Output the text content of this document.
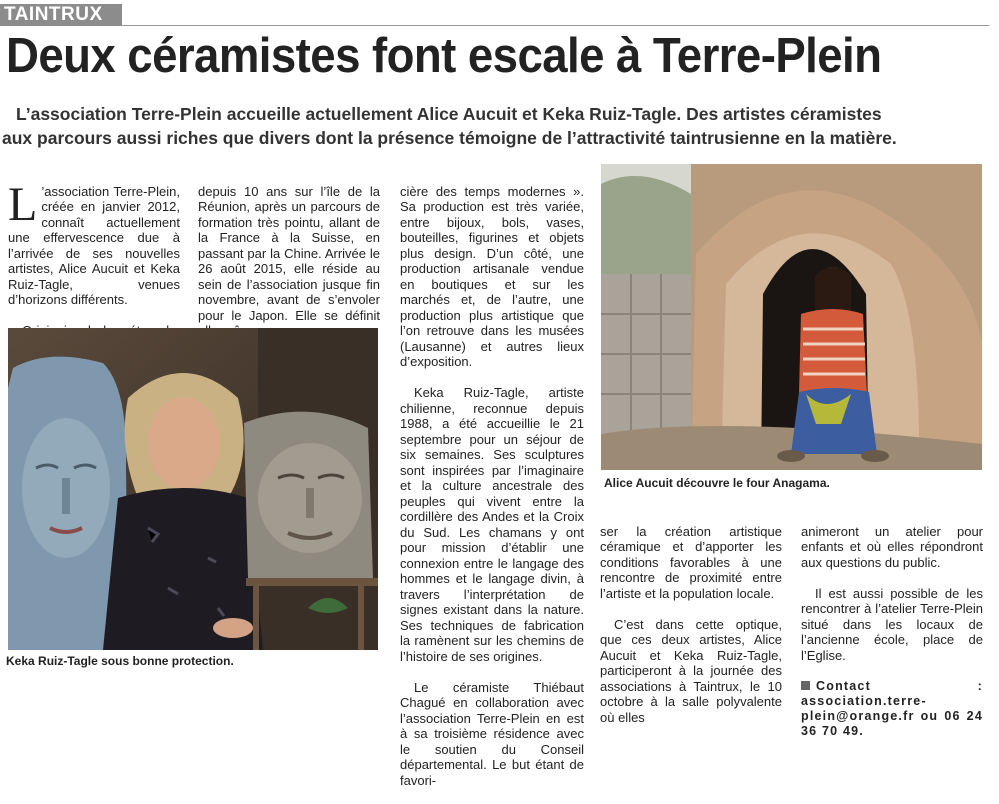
TAINTRUX
Deux céramistes font escale à Terre-Plein
L’association Terre-Plein accueille actuellement Alice Aucuit et Keka Ruiz-Tagle. Des artistes céramistes
aux parcours aussi riches que divers dont la présence témoigne de l’attractivité taintrusienne en la matière.

L ’association Terre-Plein, créée en janvier 2012, connaît actuellement une effervescence due à l’arrivée de ses nouvelles artistes, Alice Aucuit et Keka Ruiz-Tagle, venues d’horizons différents.

depuis 10 ans sur l’île de la Réunion, après un parcours de formation très pointu, allant de la France à la Suisse, en passant par la Chine. Arrivée le 26 août 2015, elle réside au sein de l’association jusque fin novembre, avant de s’envoler pour le Japon. Elle se définit

cière des temps modernes ». Sa production est très variée, entre bijoux, bols, vases, bouteilles, figurines et objets plus design. D’un côté, une production artisanale vendue en boutiques et sur les marchés et, de l’autre, une production plus artistique que l’on retrouve dans les musées (Lausanne) et autres lieux d’exposition.

Keka Ruiz-Tagle, artiste chilienne, reconnue depuis 1988, a été accueillie le 21 septembre pour un séjour de six semaines. Ses sculptures sont inspirées par l’imaginaire et la culture ancestrale des peuples qui vivent entre la cordillère des Andes et la Croix du Sud. Les chamans y ont pour mission d’établir une connexion entre le langage des hommes et le langage divin, à travers l’interprétation de signes existant dans la nature. Ses techniques de fabrication la ramènent sur les chemins de l’histoire de ses origines.

Le céramiste Thiébaut Chagué en collaboration avec l’association Terre-Plein en est à sa troisième résidence avec le soutien du Conseil départemental. Le but étant de favori-

ser la création artistique céramique et d’apporter les conditions favorables à une rencontre de proximité entre l’artiste et la population locale.

C’est dans cette optique, que ces deux artistes, Alice Aucuit et Keka Ruiz-Tagle, participeront à la journée des associations à Taintrux, le 10 octobre à la salle polyvalente où elles

animeront un atelier pour enfants et où elles répondront aux questions du public.

Il est aussi possible de les rencontrer à l’atelier Terre-Plein situé dans les locaux de l’ancienne école, place de l’Eglise.

Contact : association.terre-plein@orange.fr ou 06 24 36 70 49.

Keka Ruiz-Tagle sous bonne protection.
Alice Aucuit découvre le four Anagama.
